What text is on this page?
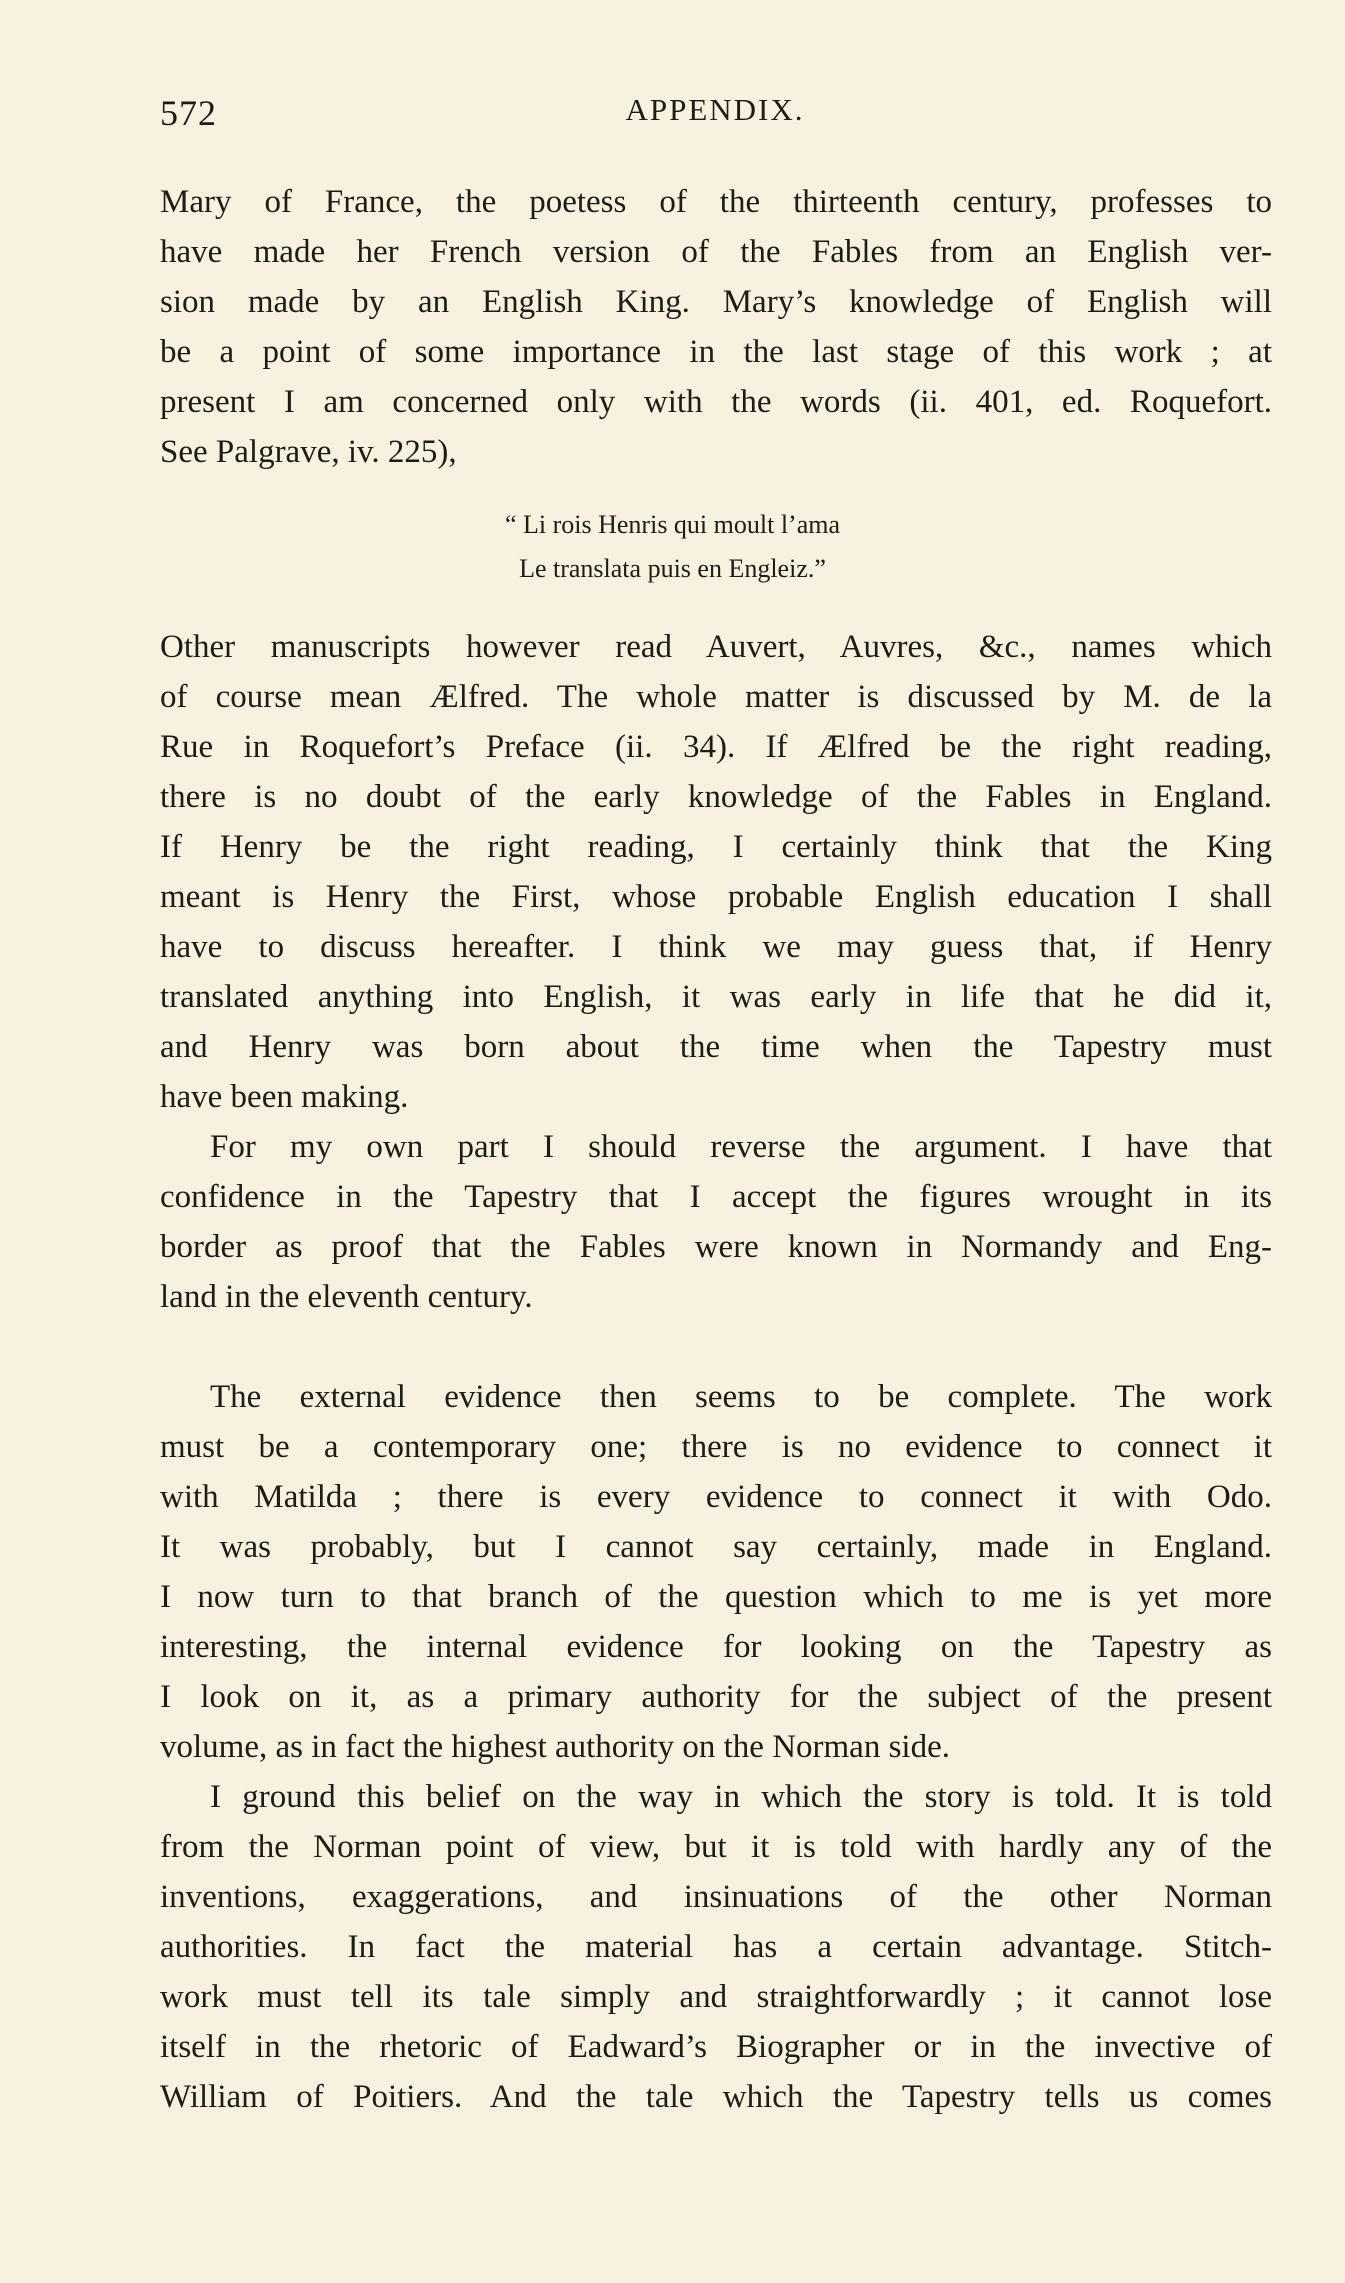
572	APPENDIX.
Mary of France, the poetess of the thirteenth century, professes to
have made her French version of the Fables from an English ver-
sion made by an English King. Mary’s knowledge of English will
be a point of some importance in the last stage of this work ; at
present I am concerned only with the words (ii. 401, ed. Roquefort.
See Palgrave, iv. 225),
“ Li rois Henris qui moult l’ama
Le translata puis en Engleiz.”
Other manuscripts however read Auvert, Auvres, &c., names which
of course mean Ælfred. The whole matter is discussed by M. de la
Rue in Roquefort’s Preface (ii. 34). If Ælfred be the right reading,
there is no doubt of the early knowledge of the Fables in England.
If Henry be the right reading, I certainly think that the King
meant is Henry the First, whose probable English education I shall
have to discuss hereafter. I think we may guess that, if Henry
translated anything into English, it was early in life that he did it,
and Henry was born about the time when the Tapestry must
have been making.
For my own part I should reverse the argument. I have that
confidence in the Tapestry that I accept the figures wrought in its
border as proof that the Fables were known in Normandy and Eng-
land in the eleventh century.
The external evidence then seems to be complete. The work
must be a contemporary one; there is no evidence to connect it
with Matilda ; there is every evidence to connect it with Odo.
It was probably, but I cannot say certainly, made in England.
I now turn to that branch of the question which to me is yet more
interesting, the internal evidence for looking on the Tapestry as
I look on it, as a primary authority for the subject of the present
volume, as in fact the highest authority on the Norman side.
I ground this belief on the way in which the story is told. It is told
from the Norman point of view, but it is told with hardly any of the
inventions, exaggerations, and insinuations of the other Norman
authorities. In fact the material has a certain advantage. Stitch-
work must tell its tale simply and straightforwardly ; it cannot lose
itself in the rhetoric of Eadward’s Biographer or in the invective of
William of Poitiers. And the tale which the Tapestry tells us comes
